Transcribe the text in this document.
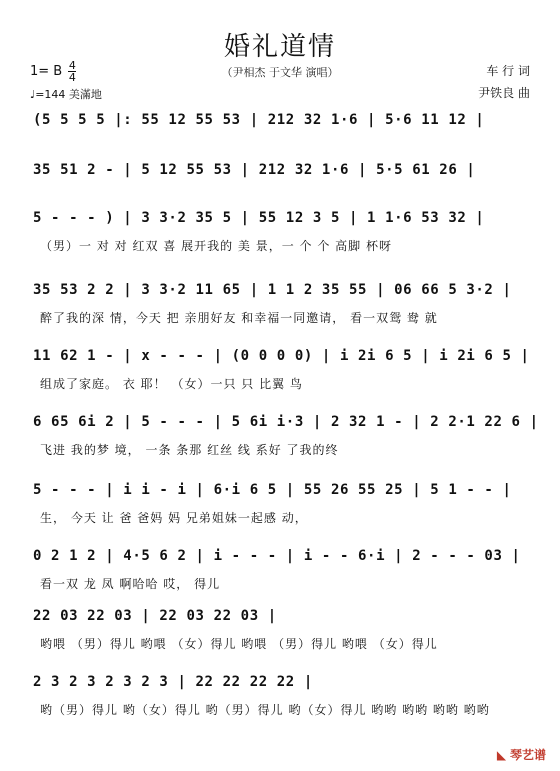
婚礼道情
（尹相杰 于文华 演唱）
1= B $\frac{4}{4}$
♩=144 美滿地
车 行 词
尹铁良 曲
(5 5 5 5 |: 55 12 55 53 | 212 32 1·6 | 5·6 11 12 |
35 51 2 - | 5 12 55 53 | 212 32 1·6 | 5·5 61 26 |
5 - - - ) | 3 3·2 35 5 | 55 12 3 5 | 1 1·6 53 32 |
（男）一 对 对 红双 喜 展开我的 美 景，一 个 个 高脚 杯呀
35 53 2 2 | 3 3·2 11 65 | 1 1 2 35 55 | 06 66 5 3·2 |
醉了我的深 情，今天 把 亲朋好友 和幸福一同邀请， 看一双鸳 鸯 就
11 62 1 - | x - - - | (0 0 0 0) | i 2i 6 5 | i 2i 6 5 |
组成了家庭。 衣 耶！ （女）一只 只 比翼 鸟
6 65 6i 2 | 5 - - - | 5 6i i·3 | 2 32 1 - | 2 2·1 22 6 |
飞进 我的梦 境， 一条 条那 红丝 线 系好 了我的终
5 - - - | i i - i | 6·i 6 5 | 55 26 55 25 | 5 1 - - |
生， 今天 让 爸 爸妈 妈 兄弟姐妹一起感 动，
0 2 1 2 | 4·5 6 2 | i - - - | i - - 6·i | 2 - - - 03 |
看一双 龙 凤 啊哈哈 哎， 得儿
22 03 22 03 | 22 03 22 03 |
哟喂 （男）得儿 哟喂 （女）得儿 哟喂 （男）得儿 哟喂 （女）得儿
2 3 2 3 2 3 2 3 | 22 22 22 22 |
哟（男）得儿 哟（女）得儿 哟（男）得儿 哟（女）得儿 哟哟 哟哟 哟哟 哟哟
◣ 琴艺谱
